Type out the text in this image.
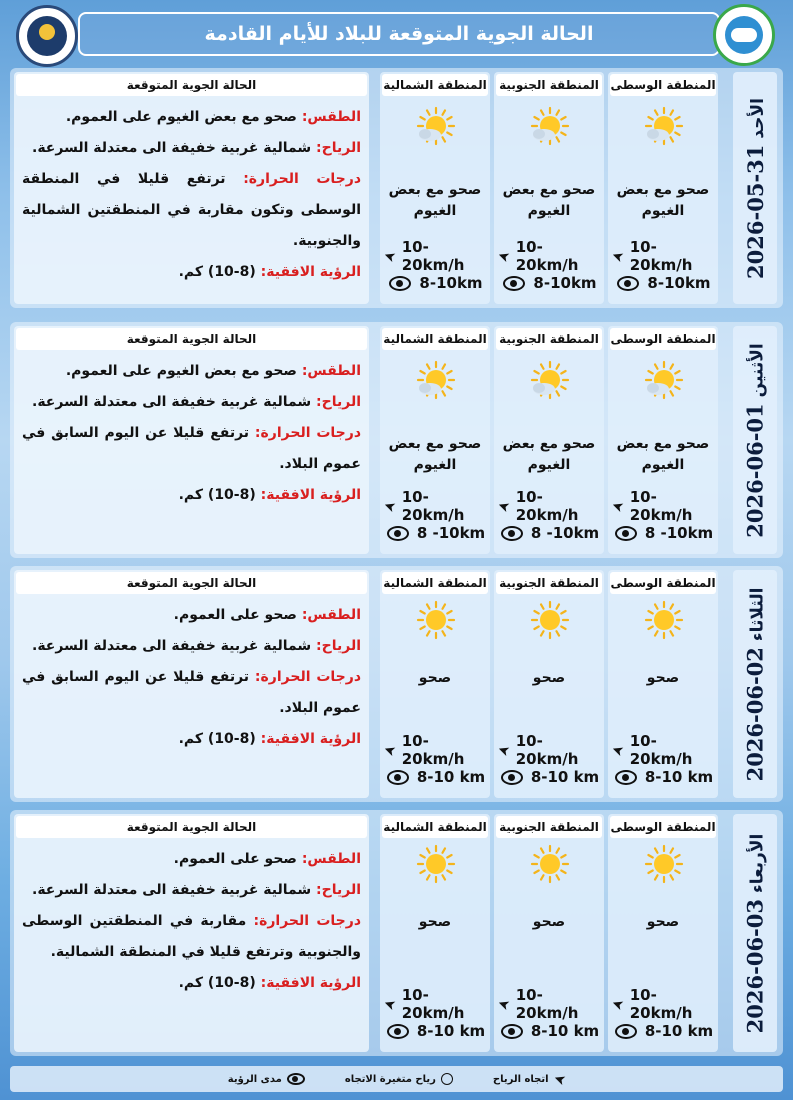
الحالة الجوية المتوقعة للبلاد للأيام القادمة
2026-05-31الأحد
المنطقة الوسطى
صحو مع بعض
الغيوم
➤ 10-20km/h
8-10km
المنطقة الجنوبية
صحو مع بعض
الغيوم
➤ 10-20km/h
8-10km
المنطقة الشمالية
صحو مع بعض
الغيوم
➤ 10-20km/h
8-10km
الحالة الجوية المتوقعة
الطقس: صحو مع بعض الغيوم على العموم.
الرياح: شمالية غربية خفيفة الى معتدلة السرعة.
درجات الحرارة: ترتفع قليلا في المنطقة الوسطى وتكون مقاربة في المنطقتين الشمالية والجنوبية.
الرؤية الافقية: (8-10) كم.
2026-06-01الأثنين
المنطقة الوسطى
صحو مع بعض
الغيوم
➤ 10-20km/h
8 -10km
المنطقة الجنوبية
صحو مع بعض
الغيوم
➤ 10-20km/h
8 -10km
المنطقة الشمالية
صحو مع بعض
الغيوم
➤ 10-20km/h
8 -10km
الحالة الجوية المتوقعة
الطقس: صحو مع بعض الغيوم على العموم.
الرياح: شمالية غربية خفيفة الى معتدلة السرعة.
درجات الحرارة: ترتفع قليلا عن اليوم السابق في عموم البلاد.
الرؤية الافقية: (8-10) كم.
2026-06-02الثلاثاء
المنطقة الوسطى
صحو
➤ 10-20km/h
8-10 km
المنطقة الجنوبية
صحو
➤ 10-20km/h
8-10 km
المنطقة الشمالية
صحو
➤ 10-20km/h
8-10 km
الحالة الجوية المتوقعة
الطقس: صحو على العموم.
الرياح: شمالية غربية خفيفة الى معتدلة السرعة.
درجات الحرارة: ترتفع قليلا عن اليوم السابق في عموم البلاد.
الرؤية الافقية: (8-10) كم.
2026-06-03الأربعاء
المنطقة الوسطى
صحو
➤ 10-20km/h
8-10 km
المنطقة الجنوبية
صحو
➤ 10-20km/h
8-10 km
المنطقة الشمالية
صحو
➤ 10-20km/h
8-10 km
الحالة الجوية المتوقعة
الطقس: صحو على العموم.
الرياح: شمالية غربية خفيفة الى معتدلة السرعة.
درجات الحرارة: مقاربة في المنطقتين الوسطى والجنوبية وترتفع قليلا في المنطقة الشمالية.
الرؤية الافقية: (8-10) كم.
➤
اتجاه الرياح
رياح متغيرة الاتجاه
مدى الرؤية
